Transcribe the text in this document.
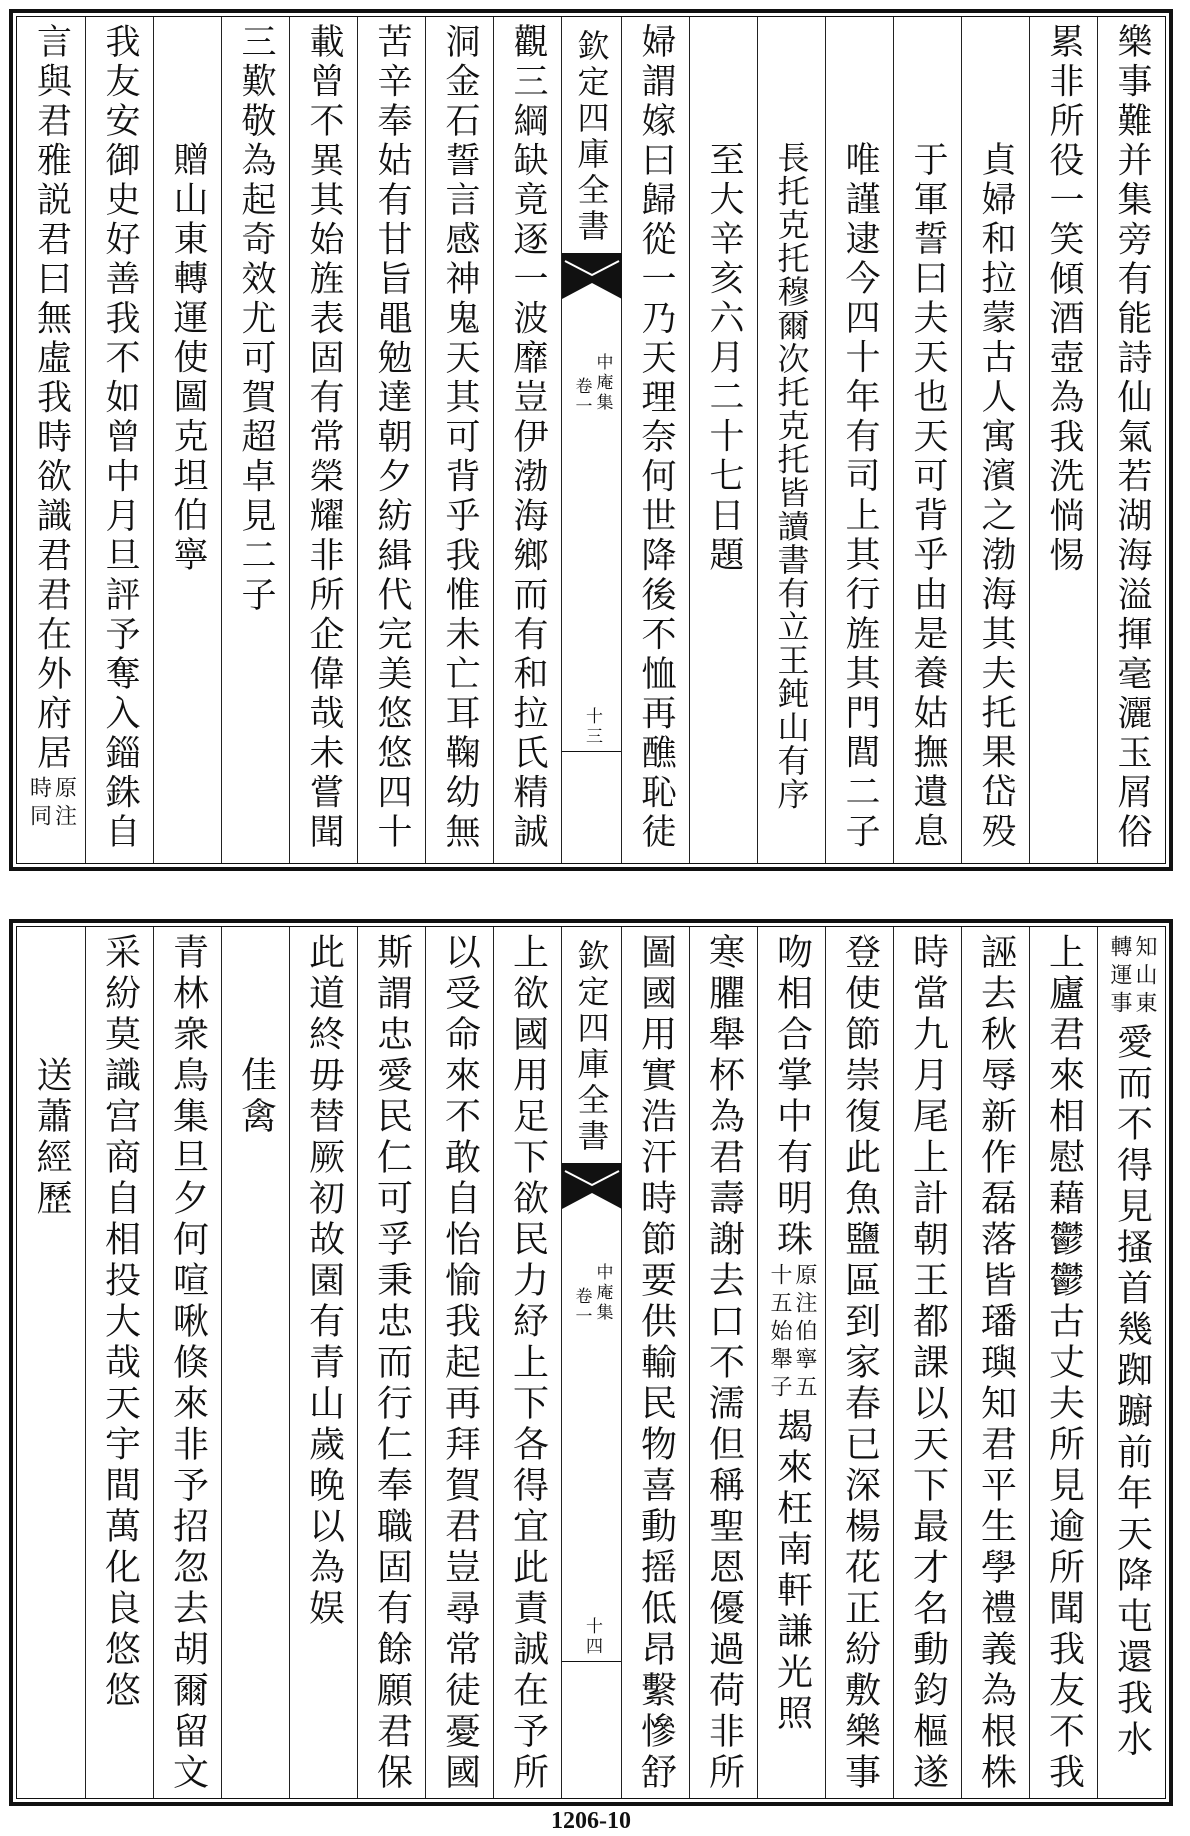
樂事難并集旁有能詩仙氣若湖海溢揮毫灑玉屑俗
累非所役一笑傾酒壺為我洗惝惕
貞婦和拉蒙古人寓濱之渤海其夫托果岱殁
于軍誓曰夫天也天可背乎由是養姑撫遺息
唯謹逮今四十年有司上其行旌其門閭二子
長托克托穆爾次托克托皆讀書有立王鈍山有序
至大辛亥六月二十七日題
婦謂嫁曰歸從一乃天理奈何世降後不恤再醮恥徒
欽定四庫全書
中庵集
卷一
十三
觀三綱缺竟逐一波靡豈伊渤海鄉而有和拉氏精誠
洞金石誓言感神鬼天其可背乎我惟未亡耳鞠幼無
苦辛奉姑有甘旨黽勉達朝夕紡緝代完美悠悠四十
載曾不異其始旌表固有常榮耀非所企偉哉未嘗聞
三歎敬為起奇效尤可賀超卓見二子
贈山東轉運使圖克坦伯寧
我友安御史好善我不如曾中月旦評予奪入錙銖自
言與君雅説君曰無虛我時欲識君君在外府居
原注
時同
知山東
轉運事
愛而不得見搔首幾踟躕前年天降屯還我水
上廬君來相慰藉鬱鬱古丈夫所見逾所聞我友不我
誣去秋辱新作磊落皆璠璵知君平生學禮義為根株
時當九月尾上計朝王都課以天下最才名動鈞樞遂
登使節崇復此魚鹽區到家春已深楊花正紛敷樂事
吻相合掌中有明珠
原注伯寧五
十五始舉子
朅來枉南軒謙光照
寒臞舉杯為君壽謝去口不濡但稱聖恩優過荷非所
圖國用實浩汗時節要供輸民物喜動摇低昂繫慘舒
欽定四庫全書
中庵集
卷一
十四
上欲國用足下欲民力紓上下各得宜此責誠在予所
以受命來不敢自怡愉我起再拜賀君豈尋常徒憂國
斯謂忠愛民仁可孚秉忠而行仁奉職固有餘願君保
此道終毋替厥初故園有青山歲晚以為娱
佳禽
青林衆鳥集旦夕何喧啾倏來非予招忽去胡爾留文
采紛莫識宫商自相投大哉天宇間萬化良悠悠
送蕭經歷
1206-10
